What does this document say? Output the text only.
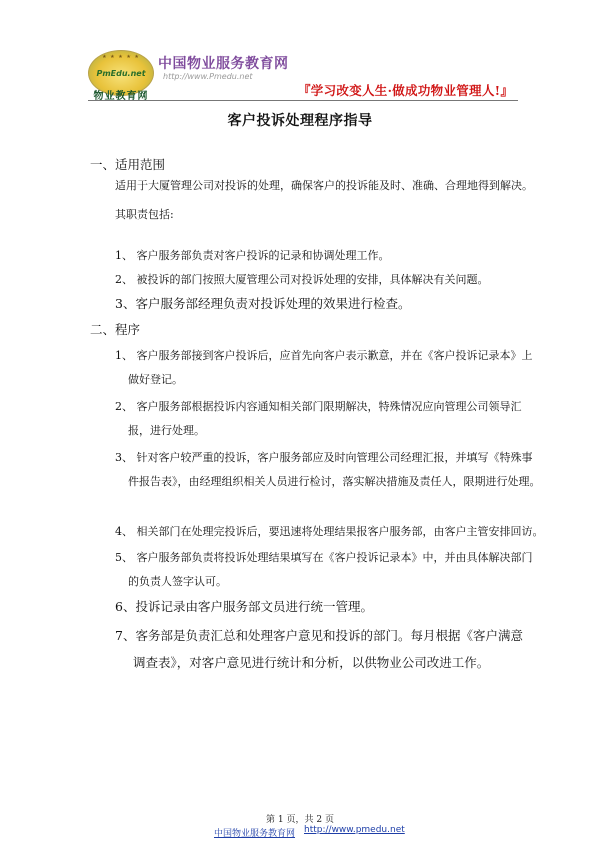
★ ★ ★ ★ ★
PmEdu.net
物业教育网
中国物业服务教育网
http://www.Pmedu.net
『学习改变人生·做成功物业管理人!』
客户投诉处理程序指导
一、适用范围
适用于大厦管理公司对投诉的处理，确保客户的投诉能及时、准确、合理地得到解决。
其职责包括:
1、 客户服务部负责对客户投诉的记录和协调处理工作。
2、 被投诉的部门按照大厦管理公司对投诉处理的安排，具体解决有关问题。
3、客户服务部经理负责对投诉处理的效果进行检查。
二、程序
1、 客户服务部接到客户投诉后，应首先向客户表示歉意，并在《客户投诉记录本》上
做好登记。
2、 客户服务部根据投诉内容通知相关部门限期解决，特殊情况应向管理公司领导汇
报，进行处理。
3、 针对客户较严重的投诉，客户服务部应及时向管理公司经理汇报，并填写《特殊事
件报告表》，由经理组织相关人员进行检讨，落实解决措施及责任人，限期进行处理。
4、 相关部门在处理完投诉后，要迅速将处理结果报客户服务部，由客户主管安排回访。
5、 客户服务部负责将投诉处理结果填写在《客户投诉记录本》中，并由具体解决部门
的负责人签字认可。
6、投诉记录由客户服务部文员进行统一管理。
7、客务部是负责汇总和处理客户意见和投诉的部门。每月根据《客户满意
调查表》，对客户意见进行统计和分析，以供物业公司改进工作。
第 1 页，共 2 页
中国物业服务教育网 http://www.pmedu.net
